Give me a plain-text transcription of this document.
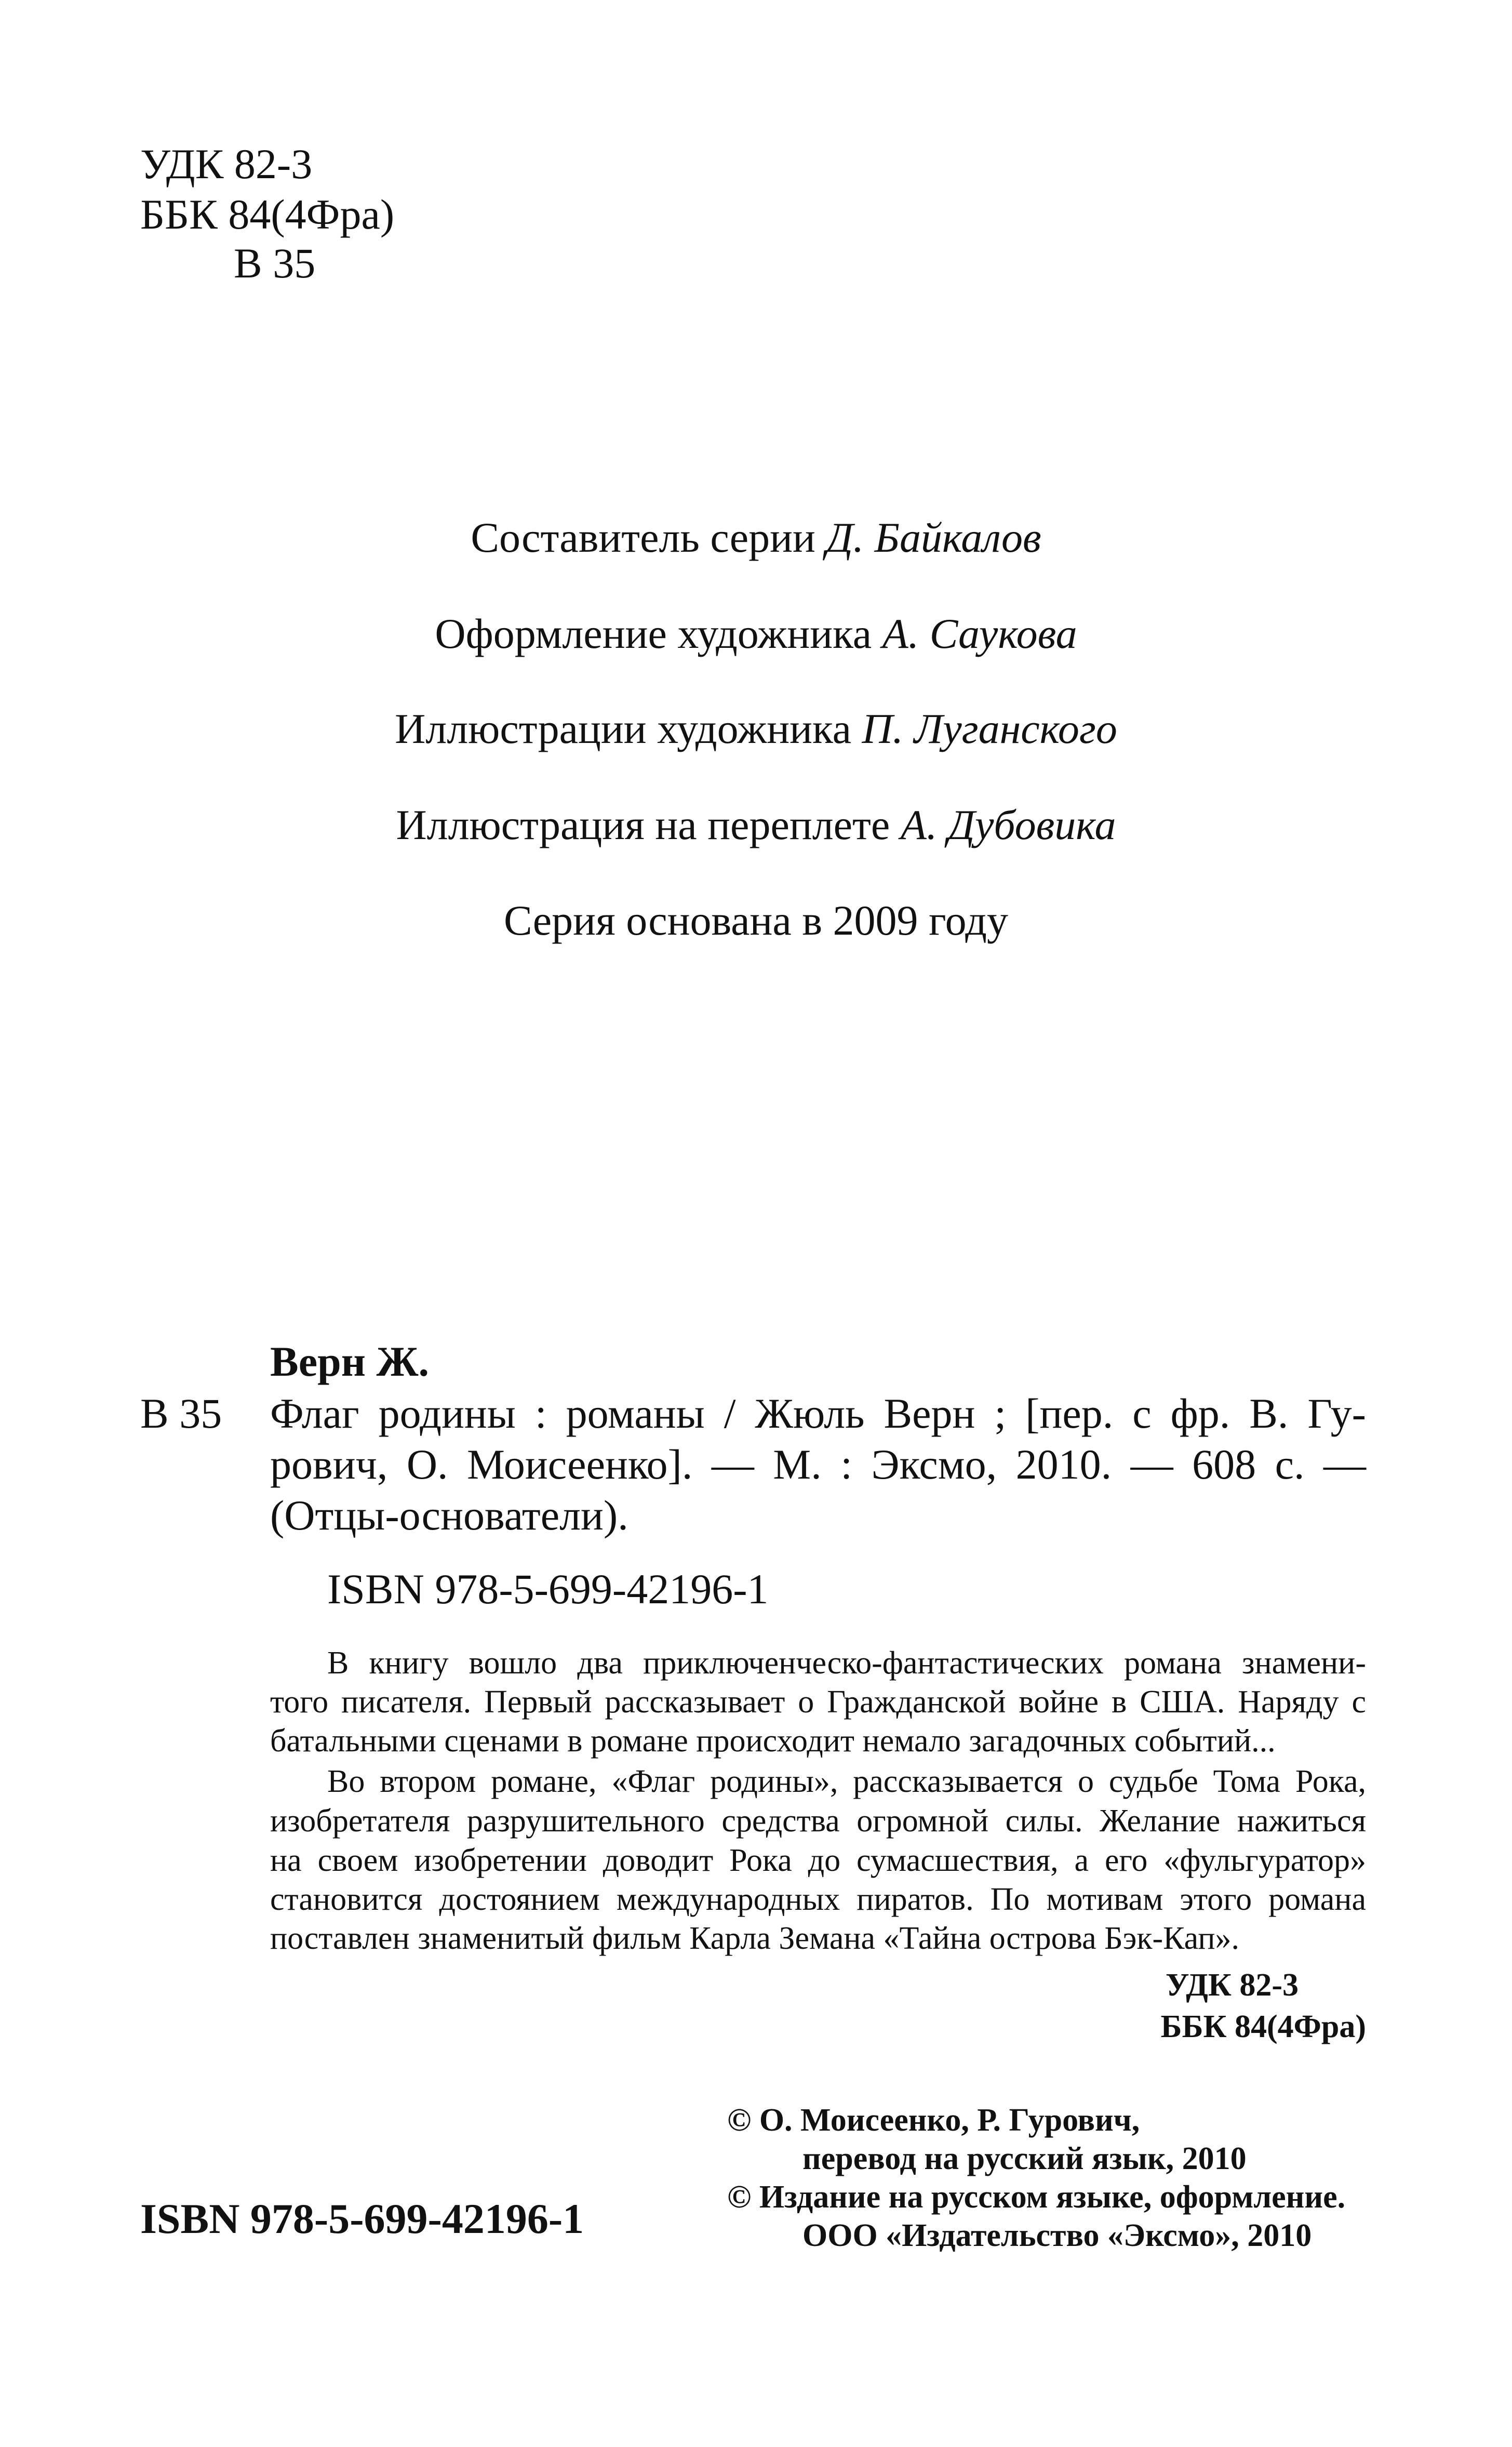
УДК 82-3
ББК 84(4Фра)
В 35
Составитель серии Д. Байкалов
Оформление художника А. Саукова
Иллюстрации художника П. Луганского
Иллюстрация на переплете А. Дубовика
Серия основана в 2009 году
Верн Ж.
В 35 Флаг родины : романы / Жюль Верн ; [пер. с фр. В. Гу-
рович, О. Моисеенко]. — М. : Эксмо, 2010. — 608 с. —
(Отцы-основатели).
ISBN 978-5-699-42196-1
В книгу вошло два приключенческо-фантастических романа знамени-
того писателя. Первый рассказывает о Гражданской войне в США. Наряду с
батальными сценами в романе происходит немало загадочных событий...
Во втором романе, «Флаг родины», рассказывается о судьбе Тома Рока,
изобретателя разрушительного средства огромной силы. Желание нажиться
на своем изобретении доводит Рока до сумасшествия, а его «фульгуратор»
становится достоянием международных пиратов. По мотивам этого романа
поставлен знаменитый фильм Карла Земана «Тайна острова Бэк-Кап».
УДК 82-3
ББК 84(4Фра)
© О. Моисеенко, Р. Гурович,
перевод на русский язык, 2010
© Издание на русском языке, оформление.
ООО «Издательство «Эксмо», 2010
ISBN 978-5-699-42196-1
